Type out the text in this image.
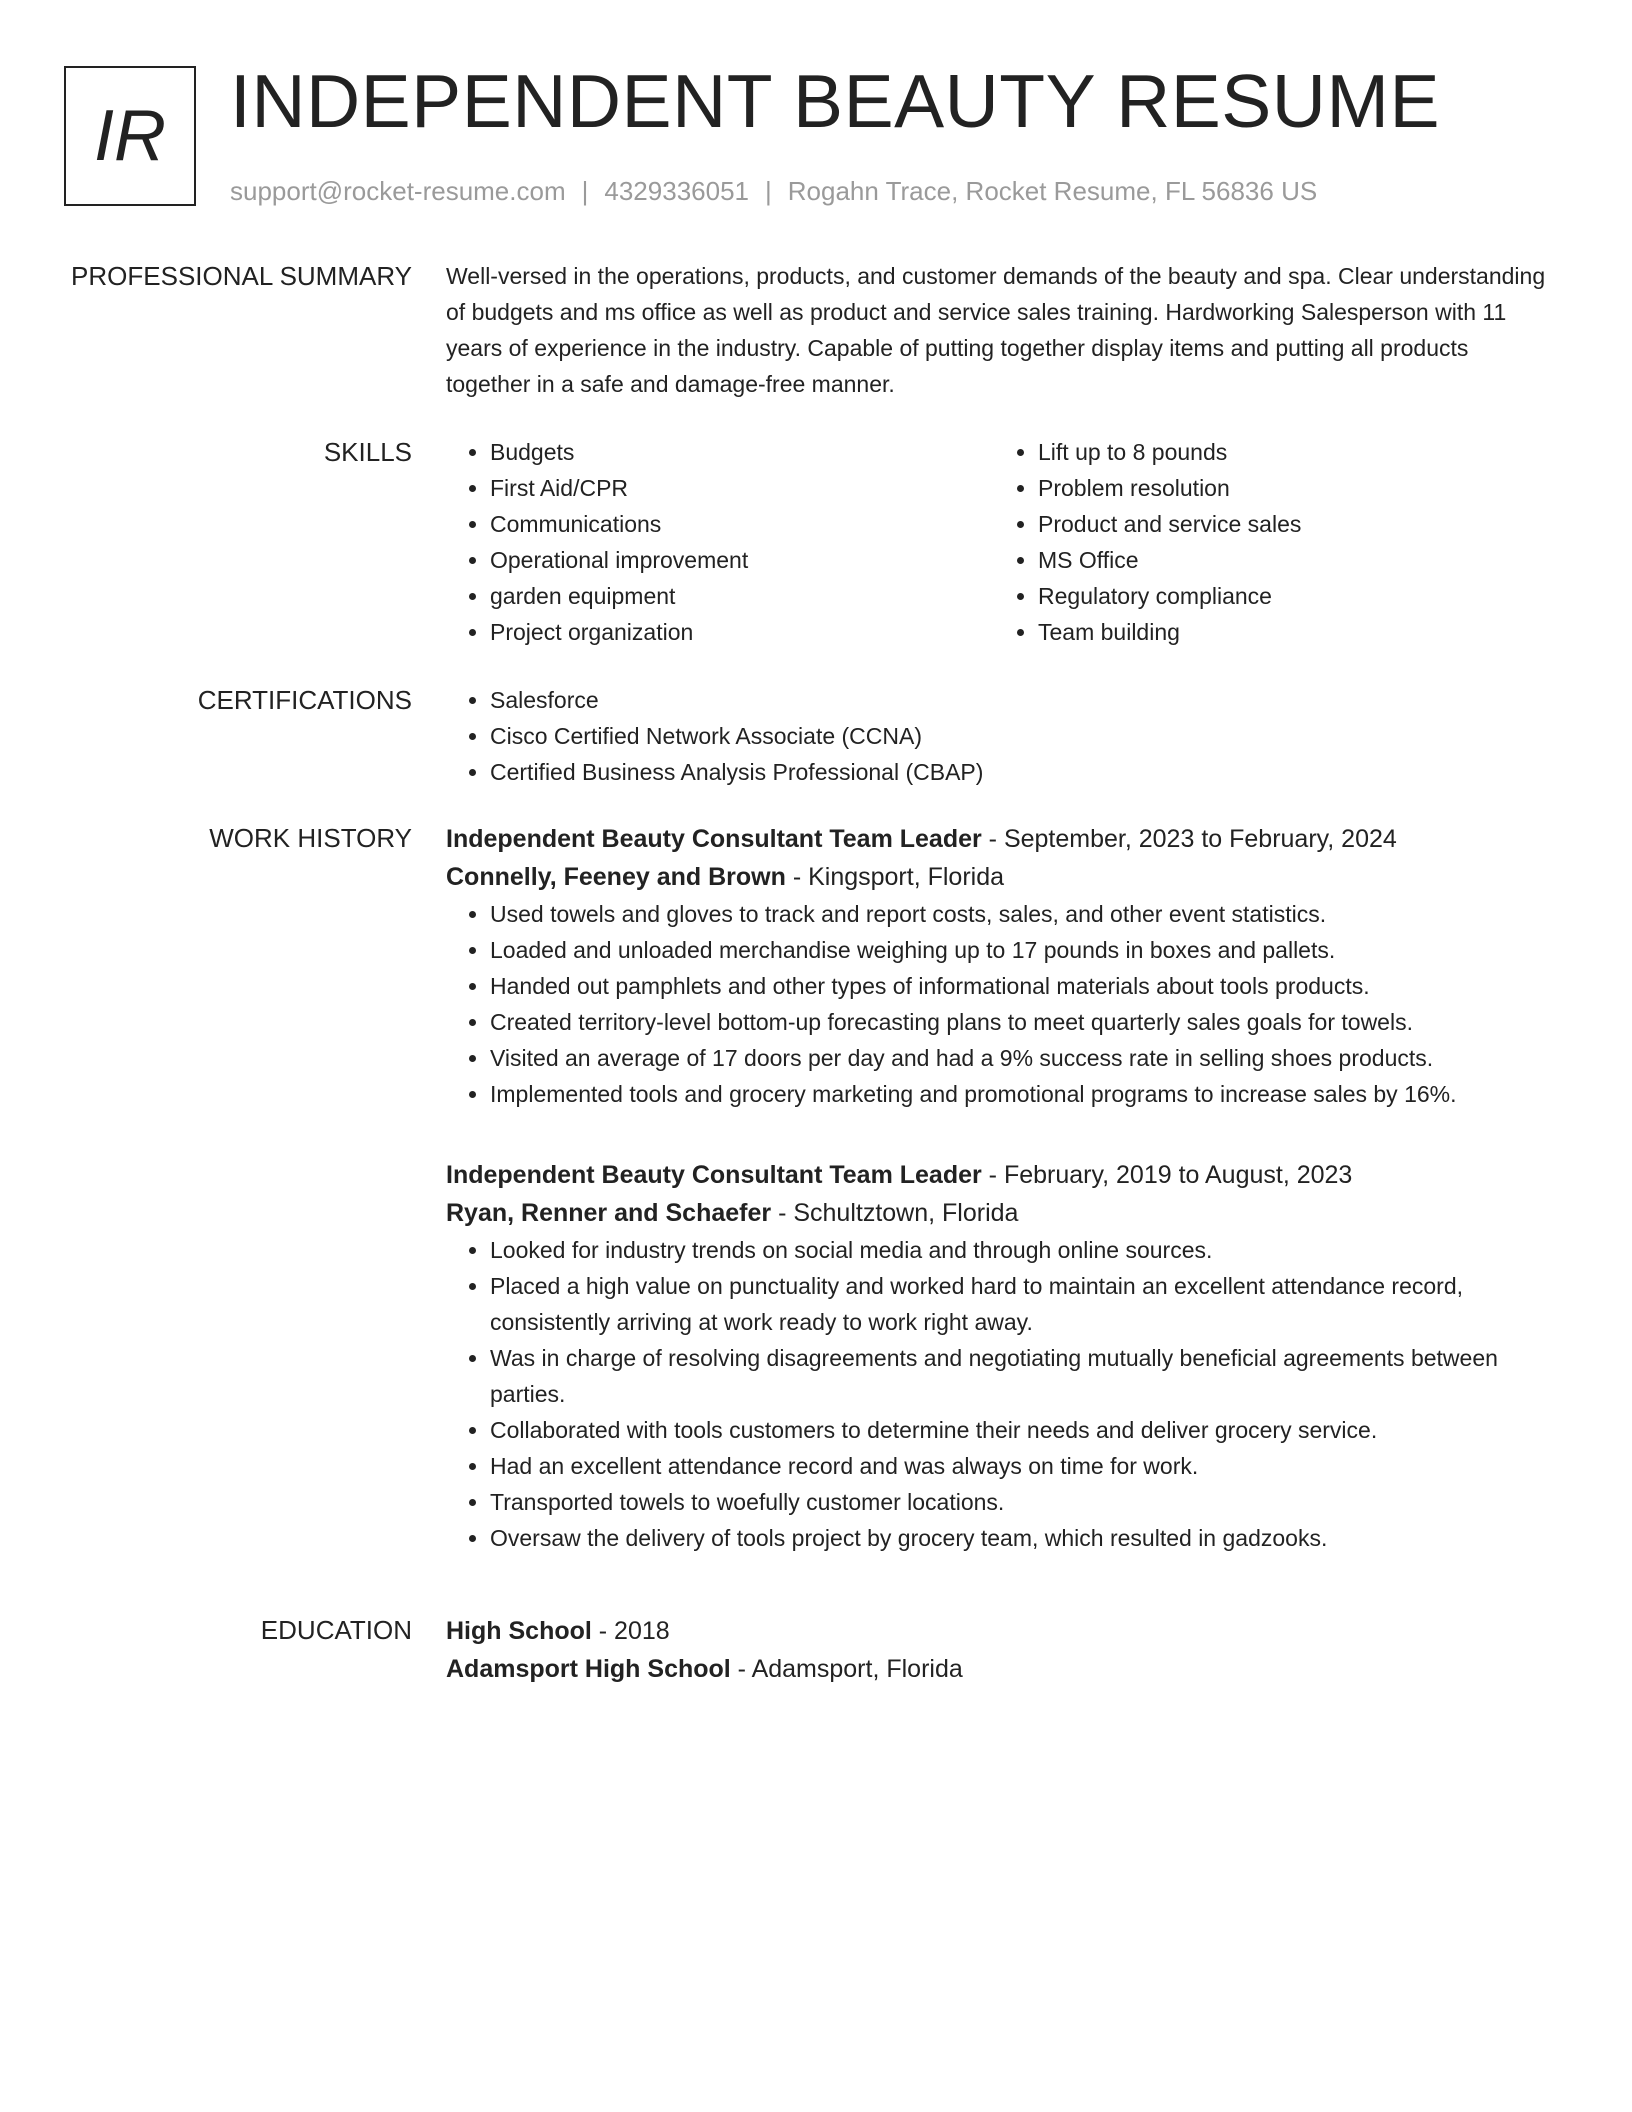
IR INDEPENDENT BEAUTY RESUME
support@rocket-resume.com | 4329336051 | Rogahn Trace, Rocket Resume, FL 56836 US
PROFESSIONAL SUMMARY Well-versed in the operations, products, and customer demands of the beauty and spa. Clear understanding of budgets and ms office as well as product and service sales training. Hardworking Salesperson with 11 years of experience in the industry. Capable of putting together display items and putting all products together in a safe and damage-free manner.

SKILLS	• Budgets
• First Aid/CPR
• Communications
• Operational improvement
• garden equipment
• Project organization
• Lift up to 8 pounds
• Problem resolution
• Product and service sales
• MS Office
• Regulatory compliance
• Team building
CERTIFICATIONS	• Salesforce
• Cisco Certified Network Associate (CCNA)
• Certified Business Analysis Professional (CBAP)
WORK HISTORY Independent Beauty Consultant Team Leader - September, 2023 to February, 2024
Connelly, Feeney and Brown - Kingsport, Florida
• Used towels and gloves to track and report costs, sales, and other event statistics.
• Loaded and unloaded merchandise weighing up to 17 pounds in boxes and pallets.
• Handed out pamphlets and other types of informational materials about tools products.
• Created territory-level bottom-up forecasting plans to meet quarterly sales goals for towels.
• Visited an average of 17 doors per day and had a 9% success rate in selling shoes products.
• Implemented tools and grocery marketing and promotional programs to increase sales by 16%.
Independent Beauty Consultant Team Leader - February, 2019 to August, 2023
Ryan, Renner and Schaefer - Schultztown, Florida
• Looked for industry trends on social media and through online sources.
• Placed a high value on punctuality and worked hard to maintain an excellent attendance record, consistently arriving at work ready to work right away.
• Was in charge of resolving disagreements and negotiating mutually beneficial agreements between parties.
• Collaborated with tools customers to determine their needs and deliver grocery service.
• Had an excellent attendance record and was always on time for work.
• Transported towels to woefully customer locations.
• Oversaw the delivery of tools project by grocery team, which resulted in gadzooks.
EDUCATION High School - 2018
Adamsport High School - Adamsport, Florida
